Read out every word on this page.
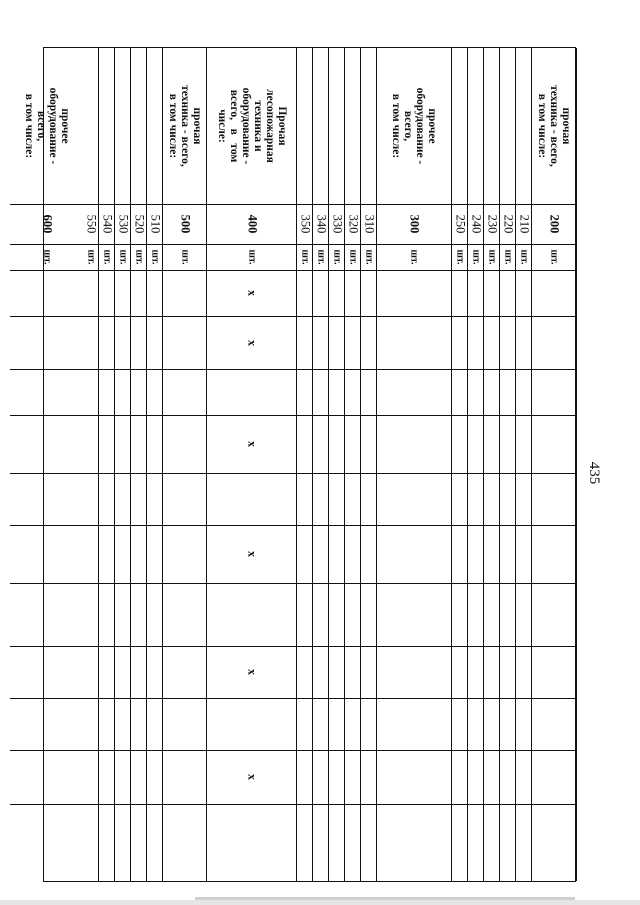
435
прочая
техника - всего,
в том числе:
200
шт.
210
шт.
220
шт.
230
шт.
240
шт.
250
шт.
прочее
оборудование -
всего,
в том числе:
300
шт.
310
шт.
320
шт.
330
шт.
340
шт.
350
шт.
Прочая
лесопожарная
техника и
оборудование -
всего,   в   том
числе:
400
шт.
x
x
x
x
x
x
прочая
техника - всего,
в том числе:
500
шт.
510
шт.
520
шт.
530
шт.
540
шт.
550
шт.
прочее
оборудование -
всего,
в том числе:
600
шт.
